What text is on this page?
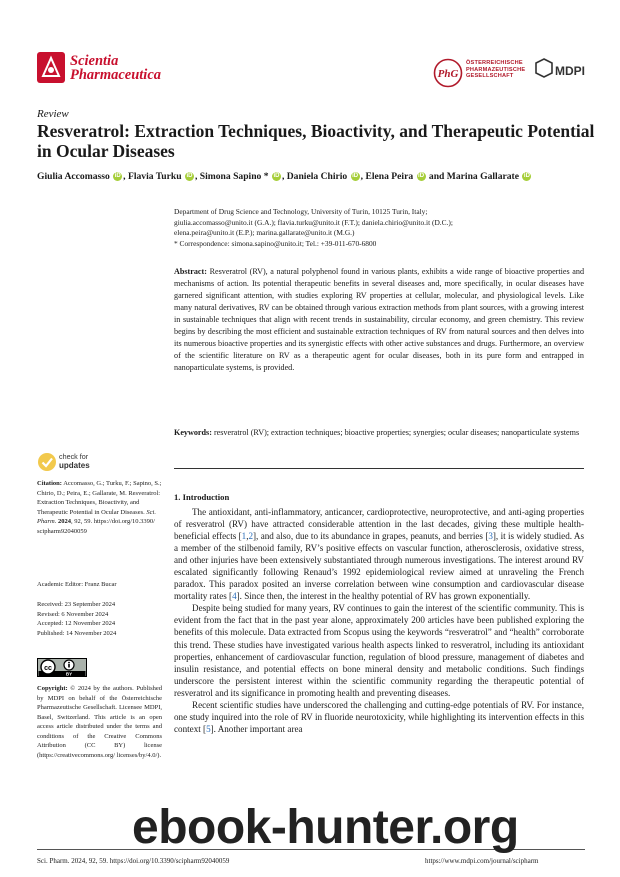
Scientia
Pharmaceutica	PhG
ÖSTERREICHISCHE
PHARMAZEUTISCHE
GESELLSCHAFT	MDPI
Review
Resveratrol: Extraction Techniques, Bioactivity, and Therapeutic Potential in Ocular Diseases
Giulia Accomasso iD , Flavia Turku iD , Simona Sapino * iD , Daniela Chirio iD , Elena Peira iD and Marina Gallarate iD
Department of Drug Science and Technology, University of Turin, 10125 Turin, Italy;
giulia.accomasso@unito.it (G.A.); flavia.turku@unito.it (F.T.); daniela.chirio@unito.it (D.C.);
elena.peira@unito.it (E.P.); marina.gallarate@unito.it (M.G.)
* Correspondence: simona.sapino@unito.it; Tel.: +39-011-670-6800
Abstract: Resveratrol (RV), a natural polyphenol found in various plants, exhibits a wide range of bioactive properties and mechanisms of action. Its potential therapeutic benefits in several diseases and, more specifically, in ocular diseases have garnered significant attention, with studies exploring RV properties at cellular, molecular, and physiological levels. Like many natural derivatives, RV can be obtained through various extraction methods from plant sources, with a growing interest in sustainable techniques that align with recent trends in sustainability, circular economy, and green chemistry. This review begins by describing the most efficient and sustainable extraction techniques of RV from natural sources and then delves into its numerous bioactive properties and its synergistic effects with other active substances and drugs. Furthermore, an overview of the scientific literature on RV as a therapeutic agent for ocular diseases, both in its pure form and entrapped in nanoparticulate systems, is provided.
Keywords: resveratrol (RV); extraction techniques; bioactive properties; synergies; ocular diseases; nanoparticulate systems
1. Introduction

The antioxidant, anti-inflammatory, anticancer, cardioprotective, neuroprotective, and anti-aging properties of resveratrol (RV) have attracted considerable attention in the last decades, giving these multiple health-beneficial effects [1,2], and also, due to its abundance in grapes, peanuts, and berries [3], it is widely studied. As a member of the stilbenoid family, RV’s positive effects on vascular function, atherosclerosis, oxidative stress, and other injuries have been extensively substantiated through numerous investigations. The interest around RV escalated significantly following Renaud’s 1992 epidemiological review aimed at unraveling the French paradox. This paradox posited an inverse correlation between wine consumption and cardiovascular disease mortality rates [4]. Since then, the interest in the healthy potential of RV has grown exponentially.

Despite being studied for many years, RV continues to gain the interest of the scientific community. This is evident from the fact that in the past year alone, approximately 200 articles have been published exploring the benefits of this molecule. Data extracted from Scopus using the keywords “resveratrol” and “health” corroborate this trend. These studies have investigated various health aspects linked to resveratrol, including its antioxidant properties, enhancement of cardiovascular function, regulation of blood pressure, management of diabetes and insulin resistance, and potential effects on bone mineral density and metabolic conditions. Such findings underscore the persistent interest within the scientific community regarding the therapeutic potential of resveratrol and its significance in promoting health and preventing diseases.

Recent scientific studies have underscored the challenging and cutting-edge potentials of RV. For instance, one study inquired into the role of RV in fluoride neurotoxicity, while highlighting its intervention effects in this context [5]. Another important area

check for
updates
Citation: Accomasso, G.; Turku, F.; Sapino, S.; Chirio, D.; Peira, E.; Gallarate, M. Resveratrol: Extraction Techniques, Bioactivity, and Therapeutic Potential in Ocular Diseases. Sci. Pharm. 2024, 92, 59. https://doi.org/10.3390/ scipharm92040059
Academic Editor: Franz Bucar
Received: 23 September 2024
Revised: 6 November 2024
Accepted: 12 November 2024
Published: 14 November 2024
cc
BY
Copyright: © 2024 by the authors. Published by MDPI on behalf of the Österreichische Pharmazeutische Gesellschaft. Licensee MDPI, Basel, Switzerland. This article is an open access article distributed under the terms and conditions of the Creative Commons Attribution (CC BY) license (https://creativecommons.org/ licenses/by/4.0/).
Sci. Pharm. 2024, 92, 59. https://doi.org/10.3390/scipharm92040059	https://www.mdpi.com/journal/scipharm
ebook-hunter.org
